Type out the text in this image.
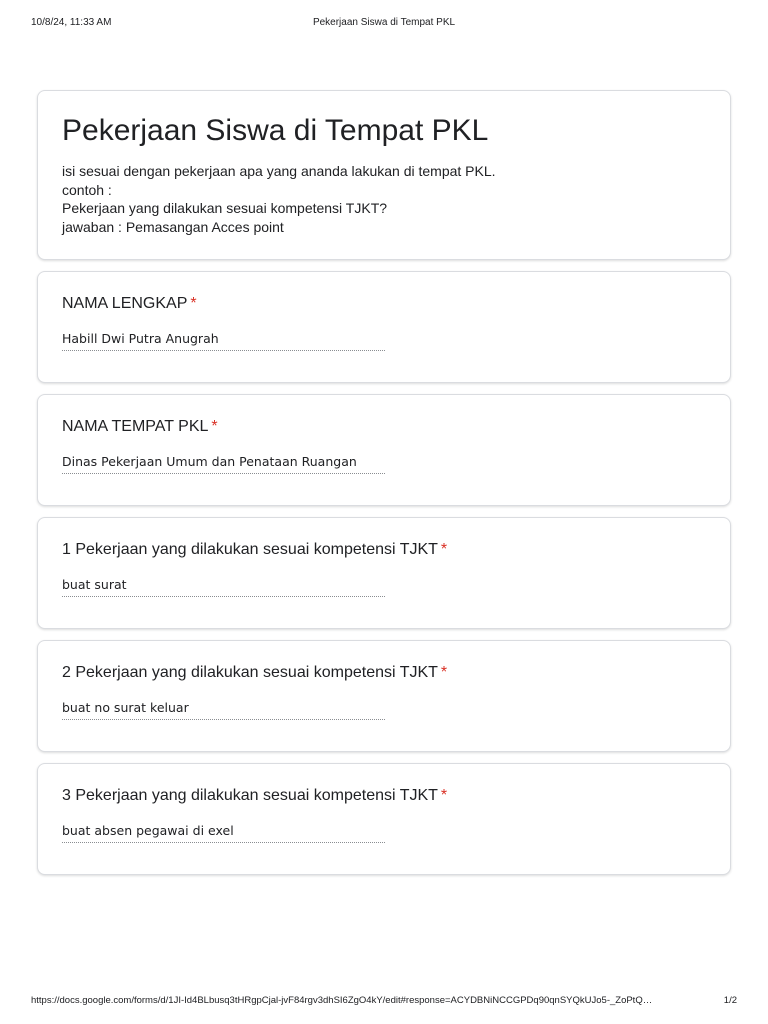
10/8/24, 11:33 AM	Pekerjaan Siswa di Tempat PKL
Pekerjaan Siswa di Tempat PKL
isi sesuai dengan pekerjaan apa yang ananda lakukan di tempat PKL.
contoh :
Pekerjaan yang dilakukan sesuai kompetensi TJKT?
jawaban : Pemasangan Acces point
NAMA LENGKAP *
Habill Dwi Putra Anugrah
NAMA TEMPAT PKL *
Dinas Pekerjaan Umum dan Penataan Ruangan
1 Pekerjaan yang dilakukan sesuai kompetensi TJKT *
buat surat
2 Pekerjaan yang dilakukan sesuai kompetensi TJKT *
buat no surat keluar
3 Pekerjaan yang dilakukan sesuai kompetensi TJKT *
buat absen pegawai di exel
https://docs.google.com/forms/d/1JI-Id4BLbusq3tHRgpCjal-jvF84rgv3dhSI6ZgO4kY/edit#response=ACYDBNiNCCGPDq90qnSYQkUJo5-_ZoPtQ…	1/2
